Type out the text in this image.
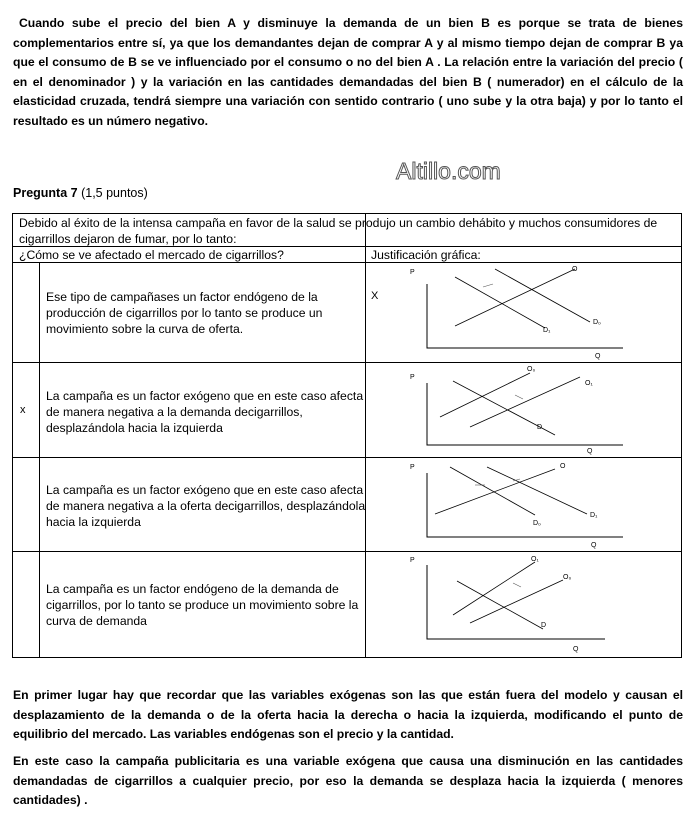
Cuando sube el precio del bien A y disminuye la demanda de un bien B es porque se trata de bienes complementarios entre sí, ya que los demandantes dejan de comprar A y al mismo tiempo dejan de comprar B ya que el consumo de B se ve influenciado por el consumo o no del bien A . La relación entre la variación del precio ( en el denominador ) y la variación en las cantidades demandadas del bien B ( numerador) en el cálculo de la elasticidad cruzada, tendrá siempre una variación con sentido contrario ( uno sube y la otra baja) y por lo tanto el resultado es un número negativo.

Altillo.com
Pregunta 7 (1,5 puntos)
Debido al éxito de la intensa campaña en favor de la salud se produjo un cambio dehábito y muchos consumidores de cigarrillos dejaron de fumar, por lo tanto:
¿Cómo se ve afectado el mercado de cigarrillos?	Justificación gráfica:
Ese tipo de campañases un factor endógeno de la producción de cigarrillos por lo tanto se produce un movimiento sobre la curva de oferta.
X
P
Q
O
D₀
D₁
x
La campaña es un factor exógeno que en este caso afecta de manera negativa a la demanda decigarrillos, desplazándola hacia la izquierda
P
Q
O₀
O₁
D
La campaña es un factor exógeno que en este caso afecta de manera negativa a la oferta decigarrillos, desplazándola hacia la izquierda
P
Q
O
D₁
D₀
La campaña es un factor endógeno de la demanda de cigarrillos, por lo tanto se produce un movimiento sobre la curva de demanda
P
Q
O₁
O₀
D

En primer lugar hay que recordar que las variables exógenas son las que están fuera del modelo y causan el desplazamiento de la demanda o de la oferta hacia la derecha o hacia la izquierda, modificando el punto de equilibrio del mercado. Las variables endógenas son el precio y la cantidad.

En este caso la campaña publicitaria es una variable exógena que causa una disminución en las cantidades demandadas de cigarrillos a cualquier precio, por eso la demanda se desplaza hacia la izquierda ( menores cantidades) .
